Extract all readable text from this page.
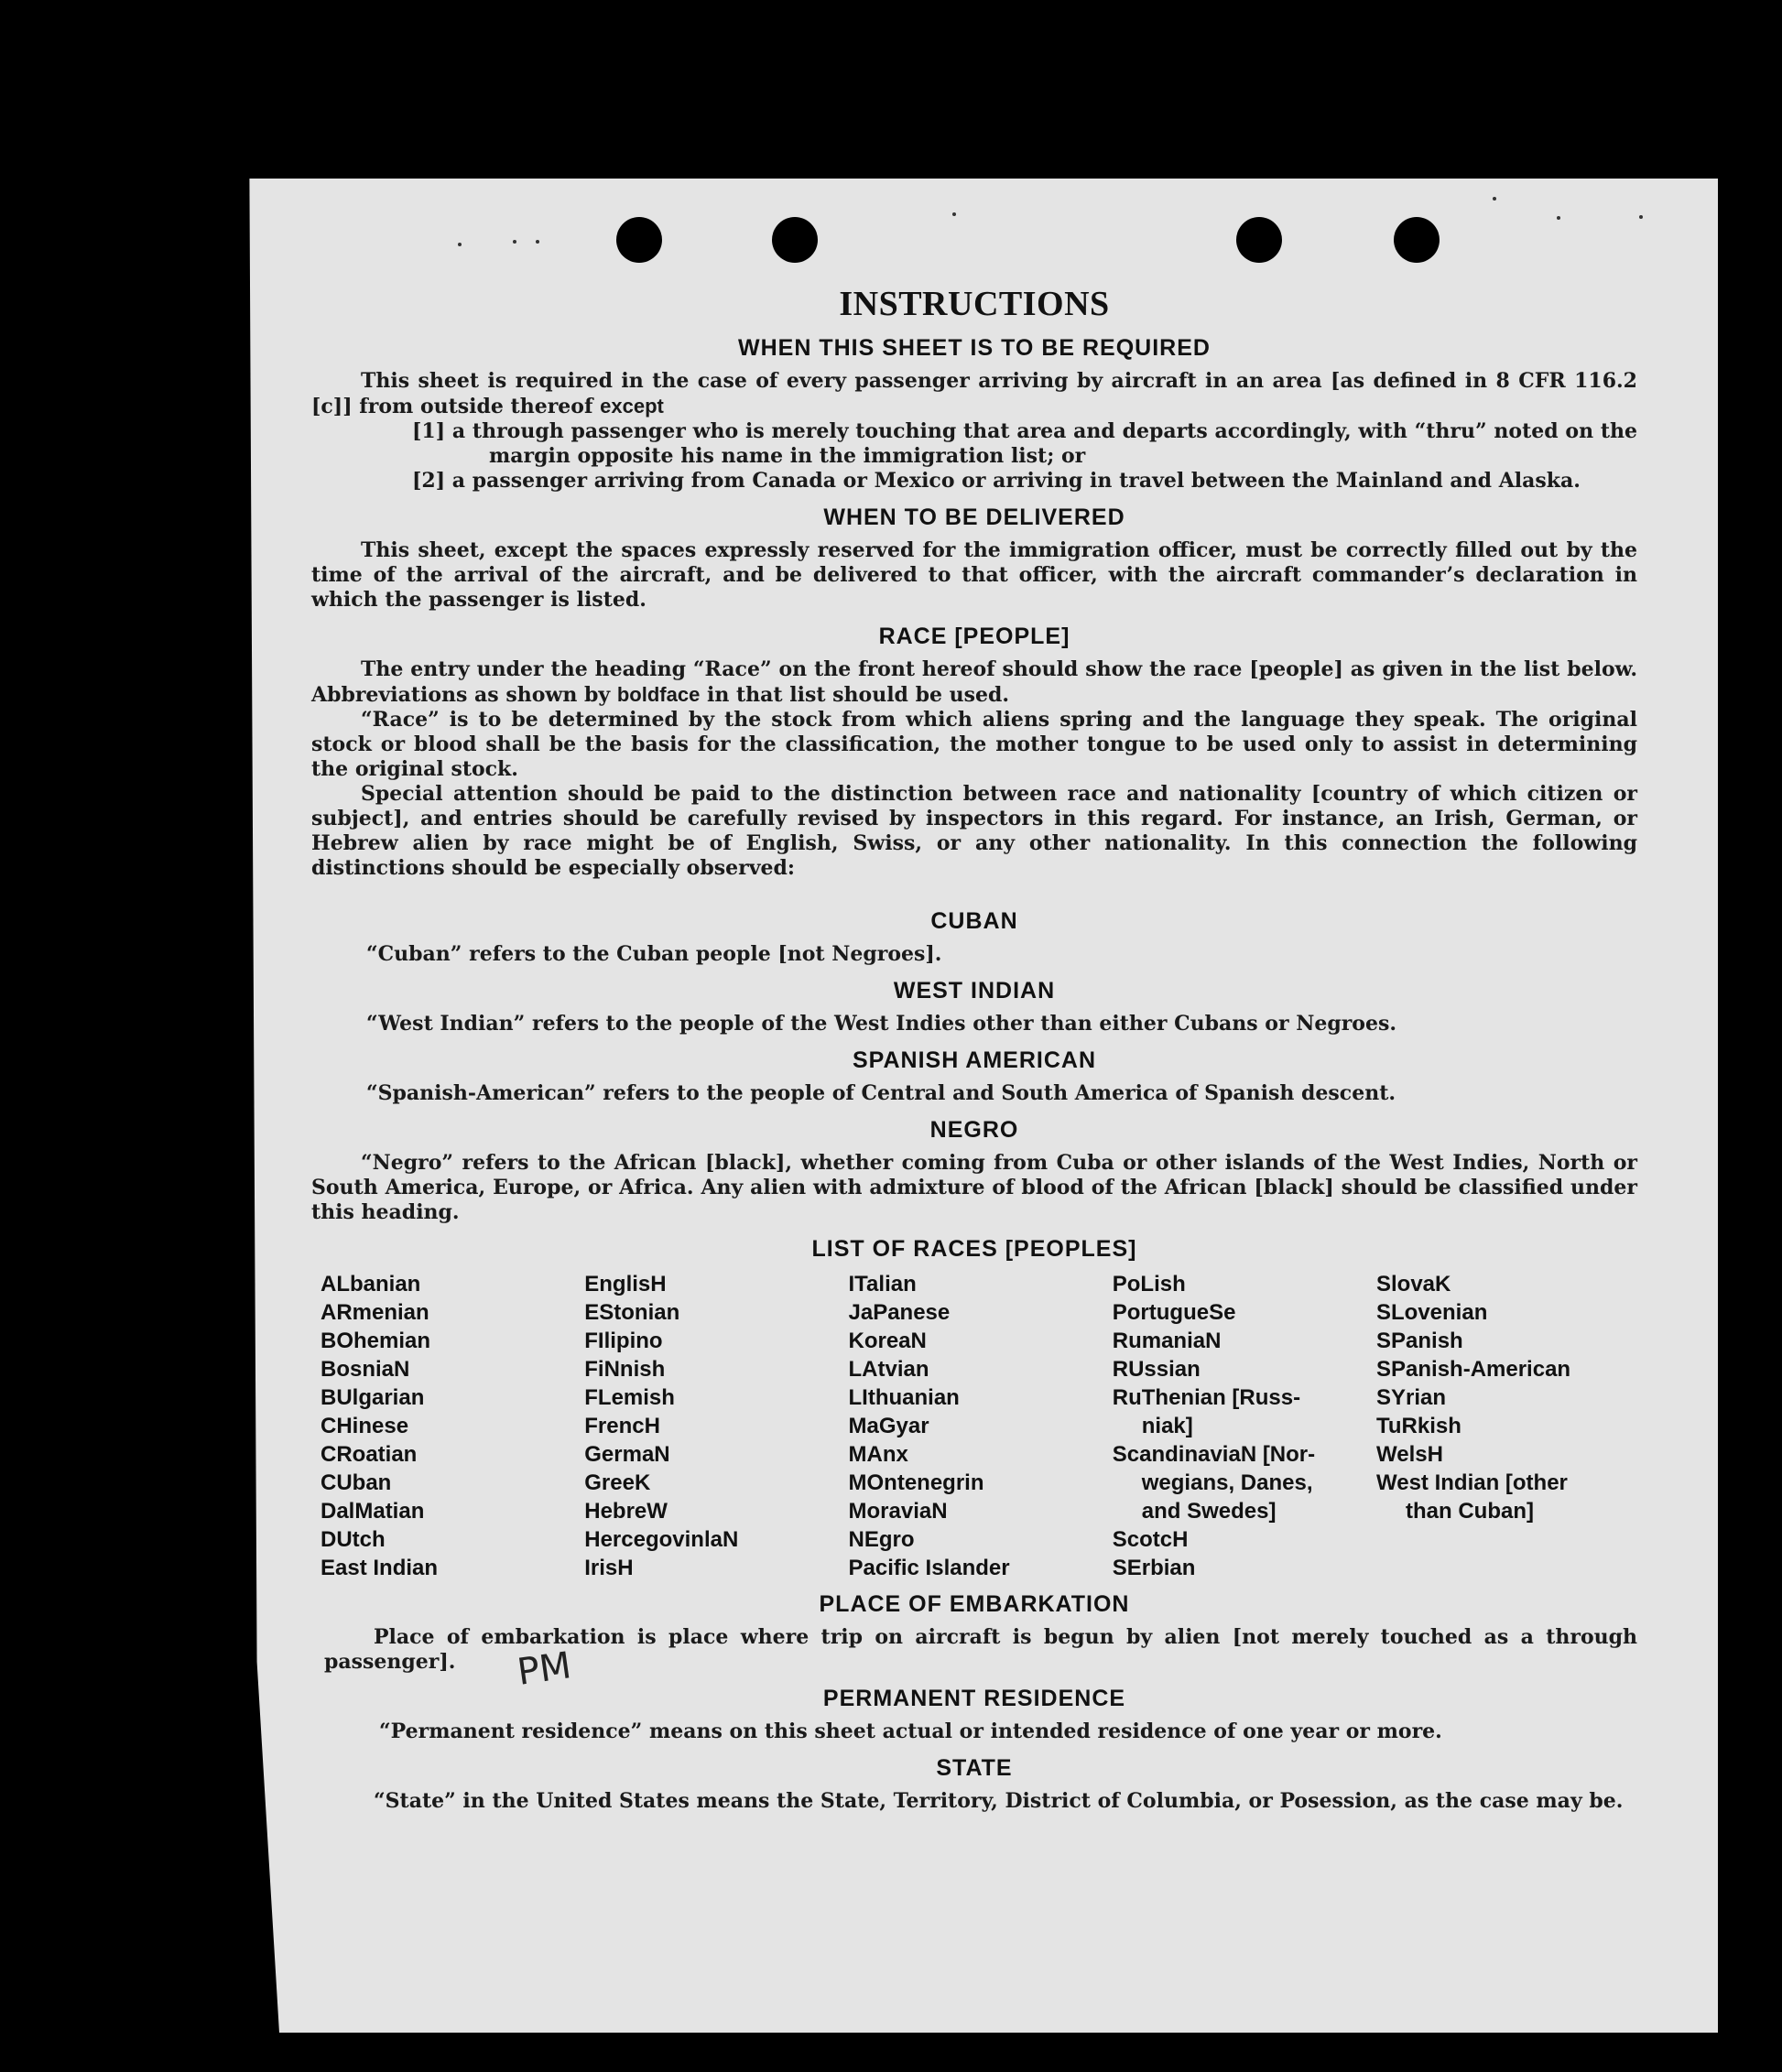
INSTRUCTIONS
WHEN THIS SHEET IS TO BE REQUIRED

This sheet is required in the case of every passenger arriving by aircraft in an area [as defined in 8 CFR 116.2 [c]] from outside thereof except

[1] a through passenger who is merely touching that area and departs accordingly, with “thru” noted on the margin opposite his name in the immigration list; or

[2] a passenger arriving from Canada or Mexico or arriving in travel between the Mainland and Alaska.

WHEN TO BE DELIVERED

This sheet, except the spaces expressly reserved for the immigration officer, must be correctly filled out by the time of the arrival of the aircraft, and be delivered to that officer, with the aircraft commander’s declaration in which the passenger is listed.

RACE [PEOPLE]

The entry under the heading “Race” on the front hereof should show the race [people] as given in the list below. Abbreviations as shown by boldface in that list should be used.

“Race” is to be determined by the stock from which aliens spring and the language they speak. The original stock or blood shall be the basis for the classification, the mother tongue to be used only to assist in determining the original stock.

Special attention should be paid to the distinction between race and nationality [country of which citizen or subject], and entries should be carefully revised by inspectors in this regard. For instance, an Irish, German, or Hebrew alien by race might be of English, Swiss, or any other nationality. In this connection the following distinctions should be especially observed:

CUBAN

“Cuban” refers to the Cuban people [not Negroes].

WEST INDIAN

“West Indian” refers to the people of the West Indies other than either Cubans or Negroes.

SPANISH AMERICAN

“Spanish-American” refers to the people of Central and South America of Spanish descent.

NEGRO

“Negro” refers to the African [black], whether coming from Cuba or other islands of the West Indies, North or South America, Europe, or Africa. Any alien with admixture of blood of the African [black] should be classified under this heading.

LIST OF RACES [PEOPLES]
ALbanian
ARmenian
BOhemian
BosniaN
BUlgarian
CHinese
CRoatian
CUban
DalMatian
DUtch
East Indian
EnglisH
EStonian
FIlipino
FiNnish
FLemish
FrencH
GermaN
GreeK
HebreW
HercegovinlaN
IrisH
ITalian
JaPanese
KoreaN
LAtvian
LIthuanian
MaGyar
MAnx
MOntenegrin
MoraviaN
NEgro
Pacific Islander
PoLish
PortugueSe
RumaniaN
RUssian
RuThenian [Russ-
niak]
ScandinaviaN [Nor-
wegians, Danes,
and Swedes]
ScotcH
SErbian
SlovaK
SLovenian
SPanish
SPanish-American
SYrian
TuRkish
WelsH
West Indian [other
than Cuban]
PLACE OF EMBARKATION

Place of embarkation is place where trip on aircraft is begun by alien [not merely touched as a through passenger].

PERMANENT RESIDENCE

“Permanent residence” means on this sheet actual or intended residence of one year or more.

STATE

“State” in the United States means the State, Territory, District of Columbia, or Posession, as the case may be.

PM
